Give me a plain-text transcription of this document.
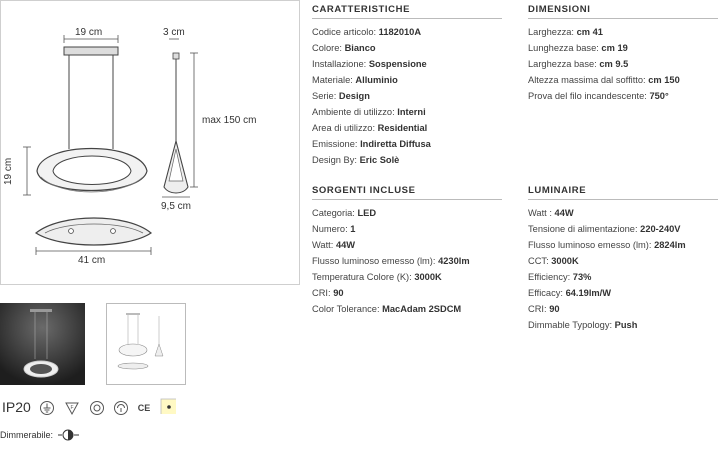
19 cm	3 cm
max 150 cm
19 cm
9,5 cm
41 cm
IP20	F	CE
Dimmerabile:
CARATTERISTICHE
Codice articolo: 1182010A
Colore: Bianco
Installazione: Sospensione
Materiale: Alluminio
Serie: Design
Ambiente di utilizzo: Interni
Area di utilizzo: Residential
Emissione: Indiretta Diffusa
Design By: Eric Solè
DIMENSIONI
Larghezza: cm 41
Lunghezza base: cm 19
Larghezza base: cm 9.5
Altezza massima dal soffitto: cm 150
Prova del filo incandescente: 750°
SORGENTI INCLUSE
Categoria: LED
Numero: 1
Watt: 44W
Flusso luminoso emesso (lm): 4230lm
Temperatura Colore (K): 3000K
CRI: 90
Color Tolerance: MacAdam 2SDCM
LUMINAIRE
Watt : 44W
Tensione di alimentazione: 220-240V
Flusso luminoso emesso (lm): 2824lm
CCT: 3000K
Efficiency: 73%
Efficacy: 64.19lm/W
CRI: 90
Dimmable Typology: Push
